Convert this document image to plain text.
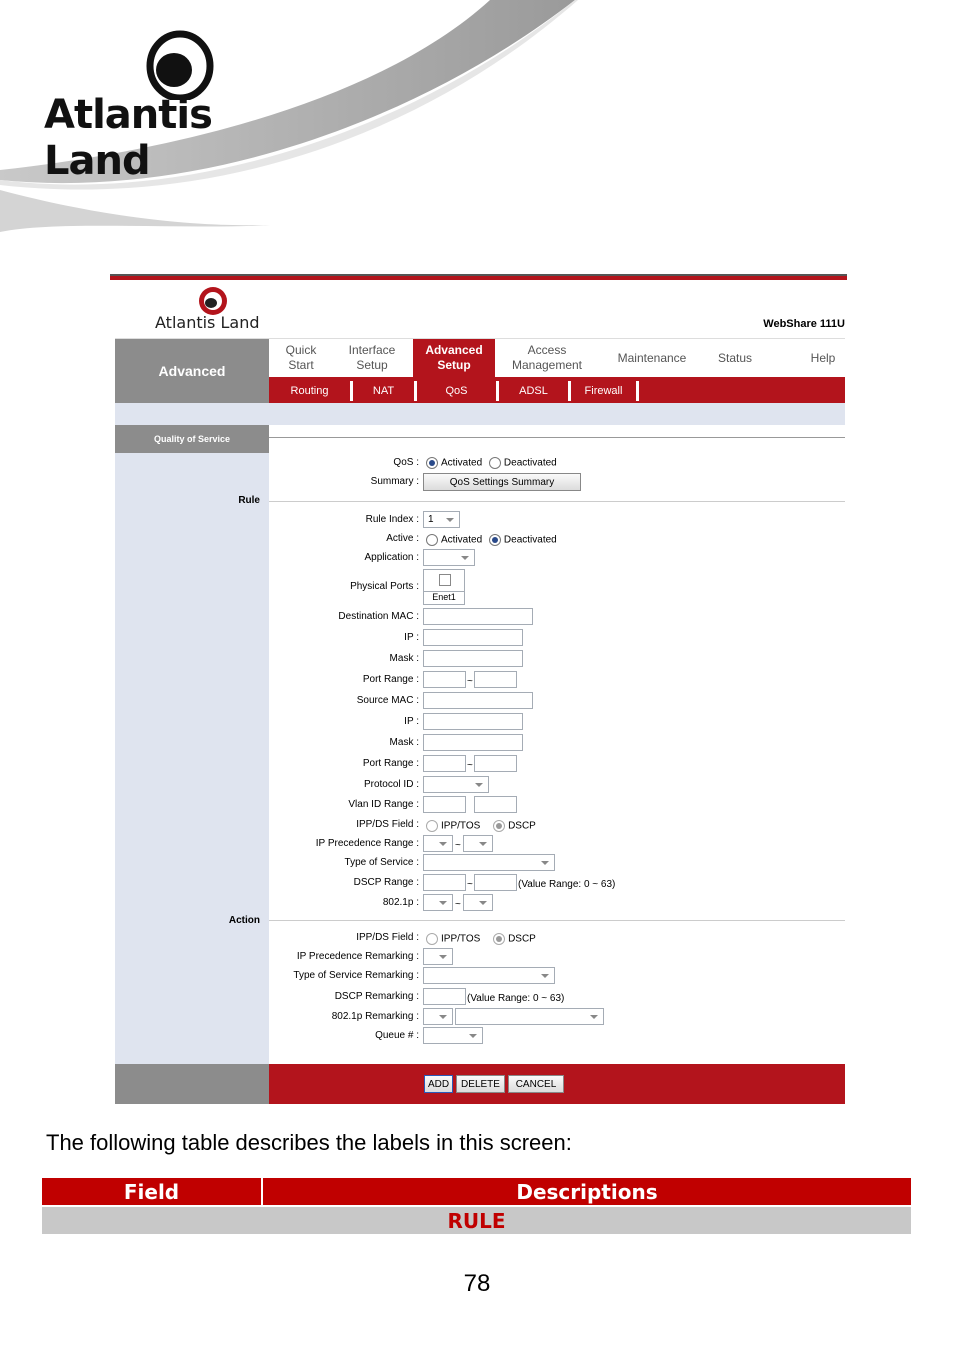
Atlantis Land
Atlantis Land	WebShare 111U
Advanced
Quick
Start
Interface
Setup
Advanced
Setup
Access
Management
Maintenance	Status	Help
Routing	NAT	QoS	ADSL	Firewall
Quality of Service
QoS :	Activated Deactivated
Summary :	QoS Settings Summary
Rule
Rule Index : 1
Active :	Activated Deactivated
Application :
Physical Ports :
Enet1
Destination MAC :
IP :
Mask :
Port Range :	~
Source MAC :
IP :
Mask :
Port Range :	~
Protocol ID :
Vlan ID Range :
IPP/DS Field :	IPP/TOS	DSCP
IP Precedence Range :	~
Type of Service :
DSCP Range :	~	(Value Range: 0 ~ 63)
802.1p :	~
Action
IPP/DS Field :	IPP/TOS	DSCP
IP Precedence Remarking :
Type of Service Remarking :
DSCP Remarking :	(Value Range: 0 ~ 63)
802.1p Remarking :
Queue # :
ADD	DELETE	CANCEL
The following table describes the labels in this screen:
Field	Descriptions
RULE
78
